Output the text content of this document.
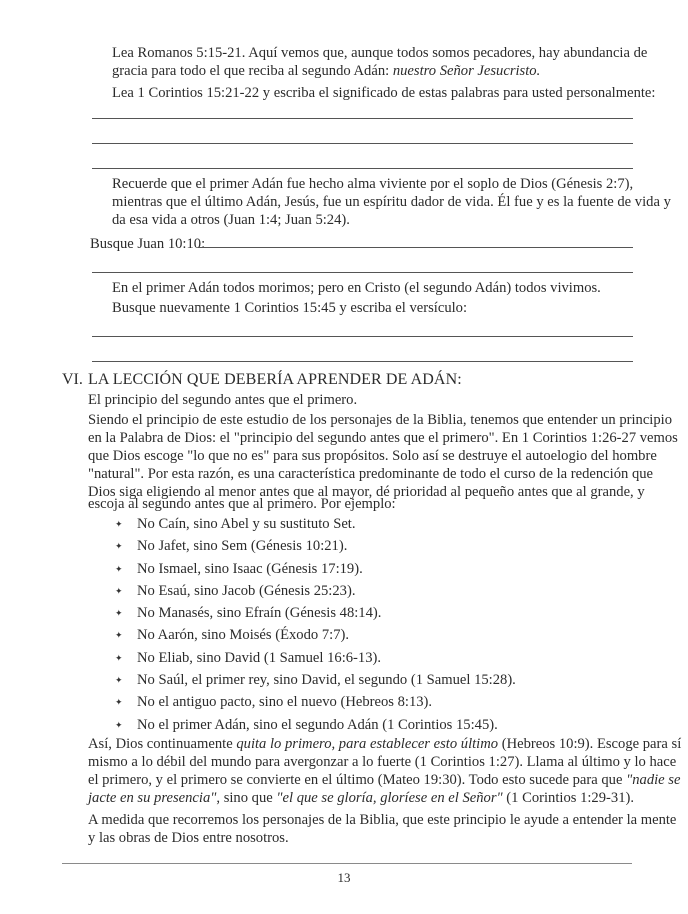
Lea Romanos 5:15-21. Aquí vemos que, aunque todos somos pecadores, hay abundancia de

gracia para todo el que reciba al segundo Adán: nuestro Señor Jesucristo.

Lea 1 Corintios 15:21-22 y escriba el significado de estas palabras para usted personalmente:

Recuerde que el primer Adán fue hecho alma viviente por el soplo de Dios (Génesis 2:7),

mientras que el último Adán, Jesús, fue un espíritu dador de vida. Él fue y es la fuente de vida y

da esa vida a otros (Juan 1:4; Juan 5:24).

Busque Juan 10:10:

En el primer Adán todos morimos; pero en Cristo (el segundo Adán) todos vivimos.

Busque nuevamente 1 Corintios 15:45 y escriba el versículo:

VI. LA LECCIÓN QUE DEBERÍA APRENDER DE ADÁN:

El principio del segundo antes que el primero.

Siendo el principio de este estudio de los personajes de la Biblia, tenemos que entender un principio

en la Palabra de Dios: el "principio del segundo antes que el primero". En 1 Corintios 1:26-27 vemos

que Dios escoge "lo que no es" para sus propósitos. Solo así se destruye el autoelogio del hombre

"natural". Por esta razón, es una característica predominante de todo el curso de la redención que

Dios siga eligiendo al menor antes que al mayor, dé prioridad al pequeño antes que al grande, y

escoja al segundo antes que al primero. Por ejemplo:

✦ No Caín, sino Abel y su sustituto Set.
✦ No Jafet, sino Sem (Génesis 10:21).
✦ No Ismael, sino Isaac (Génesis 17:19).
✦ No Esaú, sino Jacob (Génesis 25:23).
✦ No Manasés, sino Efraín (Génesis 48:14).
✦ No Aarón, sino Moisés (Éxodo 7:7).
✦ No Eliab, sino David (1 Samuel 16:6-13).
✦ No Saúl, el primer rey, sino David, el segundo (1 Samuel 15:28).
✦ No el antiguo pacto, sino el nuevo (Hebreos 8:13).
✦ No el primer Adán, sino el segundo Adán (1 Corintios 15:45).

Así, Dios continuamente quita lo primero, para establecer esto último (Hebreos 10:9). Escoge para sí

mismo a lo débil del mundo para avergonzar a lo fuerte (1 Corintios 1:27). Llama al último y lo hace

el primero, y el primero se convierte en el último (Mateo 19:30). Todo esto sucede para que "nadie se

jacte en su presencia", sino que "el que se gloría, gloríese en el Señor" (1 Corintios 1:29-31).

A medida que recorremos los personajes de la Biblia, que este principio le ayude a entender la mente

y las obras de Dios entre nosotros.

13
